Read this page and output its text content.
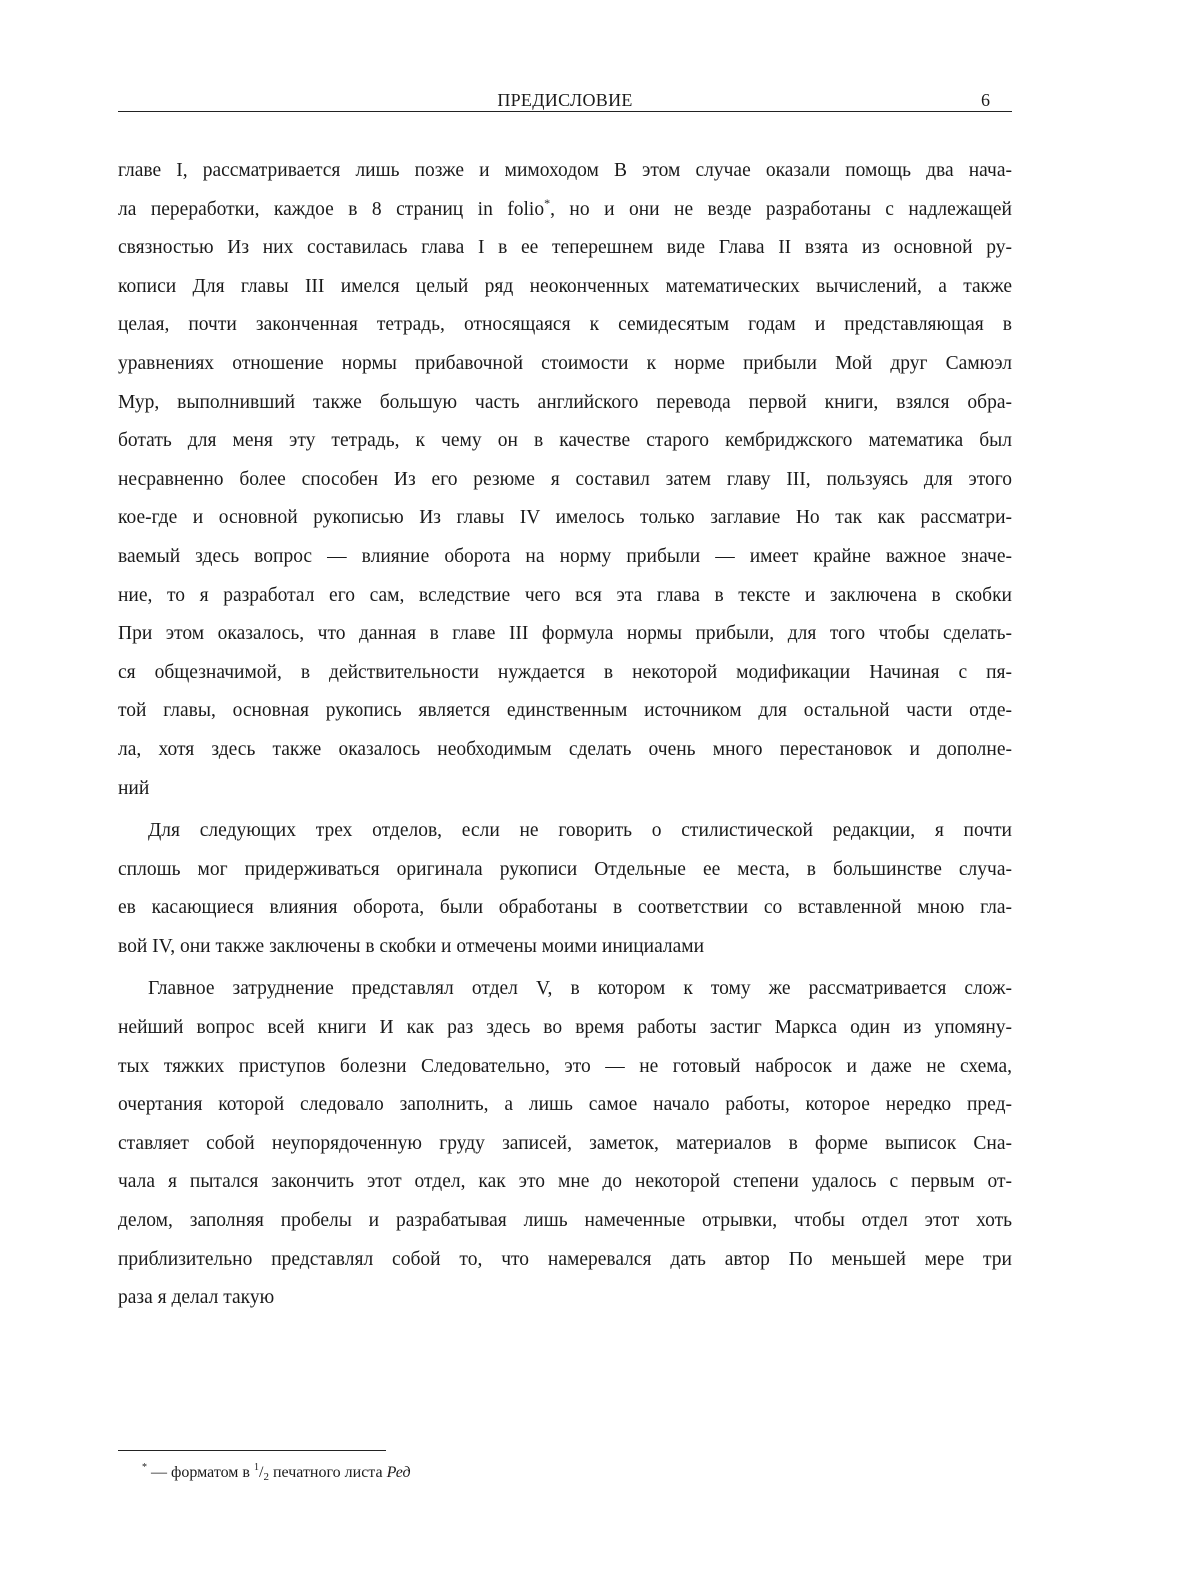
ПРЕДИСЛОВИЕ	6
главе I, рассматривается лишь позже и мимоходом В этом случае оказали помощь два нача-
ла переработки, каждое в 8 страниц in folio*, но и они не везде разработаны с надлежащей
связностью Из них составилась глава I в ее теперешнем виде Глава II взята из основной ру-
кописи Для главы III имелся целый ряд неоконченных математических вычислений, а также
целая, почти законченная тетрадь, относящаяся к семидесятым годам и представляющая в
уравнениях отношение нормы прибавочной стоимости к норме прибыли Мой друг Самюэл
Мур, выполнивший также большую часть английского перевода первой книги, взялся обра-
ботать для меня эту тетрадь, к чему он в качестве старого кембриджского математика был
несравненно более способен Из его резюме я составил затем главу III, пользуясь для этого
кое-где и основной рукописью Из главы IV имелось только заглавие Но так как рассматри-
ваемый здесь вопрос — влияние оборота на норму прибыли — имеет крайне важное значе-
ние, то я разработал его сам, вследствие чего вся эта глава в тексте и заключена в скобки
При этом оказалось, что данная в главе III формула нормы прибыли, для того чтобы сделать-
ся общезначимой, в действительности нуждается в некоторой модификации Начиная с пя-
той главы, основная рукопись является единственным источником для остальной части отде-
ла, хотя здесь также оказалось необходимым сделать очень много перестановок и дополне-
ний
Для следующих трех отделов, если не говорить о стилистической редакции, я почти
сплошь мог придерживаться оригинала рукописи Отдельные ее места, в большинстве случа-
ев касающиеся влияния оборота, были обработаны в соответствии со вставленной мною гла-
вой IV, они также заключены в скобки и отмечены моими инициалами
Главное затруднение представлял отдел V, в котором к тому же рассматривается слож-
нейший вопрос всей книги И как раз здесь во время работы застиг Маркса один из упомяну-
тых тяжких приступов болезни Следовательно, это — не готовый набросок и даже не схема,
очертания которой следовало заполнить, а лишь самое начало работы, которое нередко пред-
ставляет собой неупорядоченную груду записей, заметок, материалов в форме выписок Сна-
чала я пытался закончить этот отдел, как это мне до некоторой степени удалось с первым от-
делом, заполняя пробелы и разрабатывая лишь намеченные отрывки, чтобы отдел этот хоть
приблизительно представлял собой то, что намеревался дать автор По меньшей мере три
раза я делал такую
* — форматом в $^1$/2 печатного листа Ред
